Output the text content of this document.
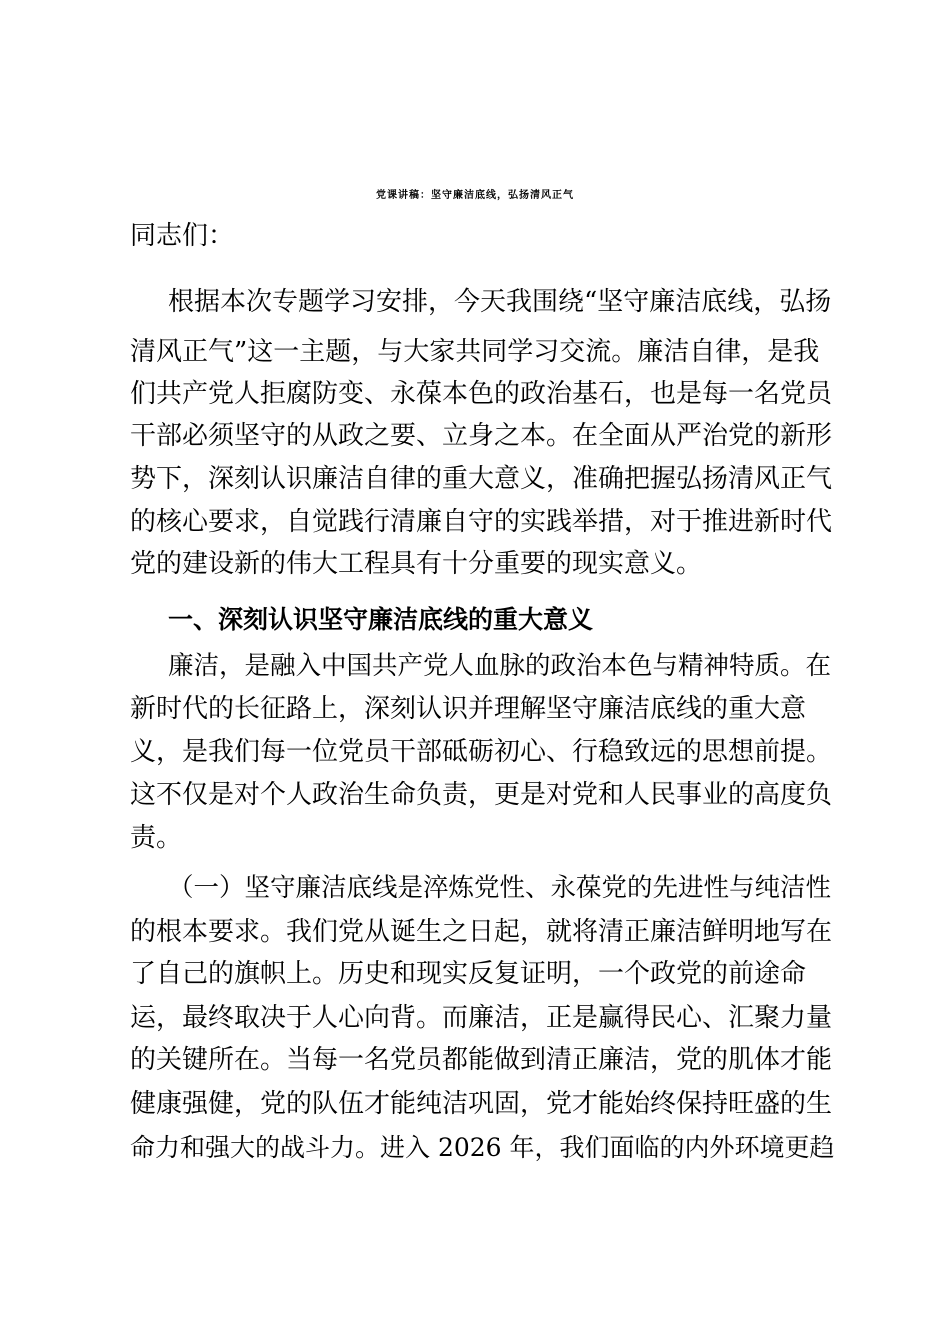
党课讲稿：坚守廉洁底线，弘扬清风正气
同志们：
根据本次专题学习安排，今天我围绕“坚守廉洁底线，弘扬
清风正气”这一主题，与大家共同学习交流。廉洁自律，是我
们共产党人拒腐防变、永葆本色的政治基石，也是每一名党员
干部必须坚守的从政之要、立身之本。在全面从严治党的新形
势下，深刻认识廉洁自律的重大意义，准确把握弘扬清风正气
的核心要求，自觉践行清廉自守的实践举措，对于推进新时代
党的建设新的伟大工程具有十分重要的现实意义。
一、深刻认识坚守廉洁底线的重大意义
廉洁，是融入中国共产党人血脉的政治本色与精神特质。在
新时代的长征路上，深刻认识并理解坚守廉洁底线的重大意
义，是我们每一位党员干部砥砺初心、行稳致远的思想前提。
这不仅是对个人政治生命负责，更是对党和人民事业的高度负
责。
（一）坚守廉洁底线是淬炼党性、永葆党的先进性与纯洁性
的根本要求。我们党从诞生之日起，就将清正廉洁鲜明地写在
了自己的旗帜上。历史和现实反复证明，一个政党的前途命
运，最终取决于人心向背。而廉洁，正是赢得民心、汇聚力量
的关键所在。当每一名党员都能做到清正廉洁，党的肌体才能
健康强健，党的队伍才能纯洁巩固，党才能始终保持旺盛的生
命力和强大的战斗力。进入 2026 年，我们面临的内外环境更趋
